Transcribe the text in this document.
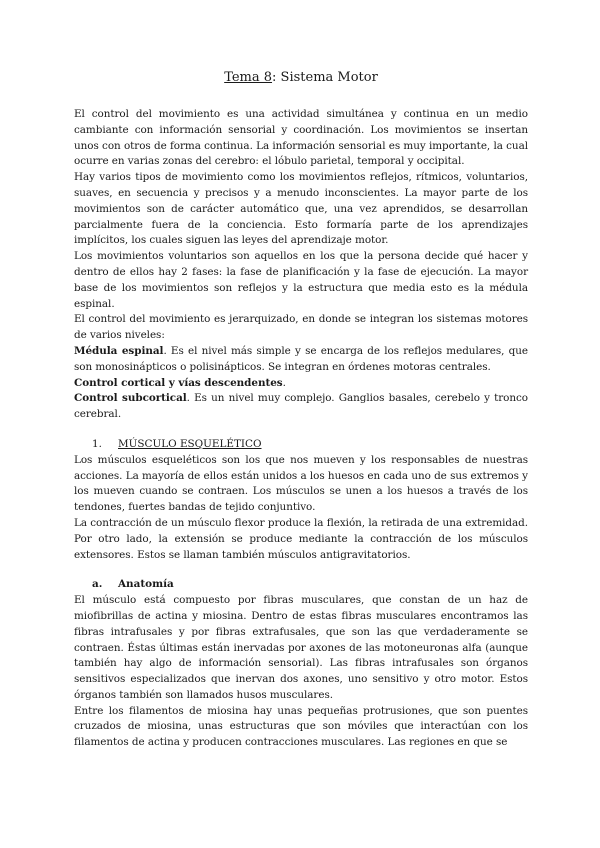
Tema 8: Sistema Motor

El control del movimiento es una actividad simultánea y continua en un medio cambiante con información sensorial y coordinación. Los movimientos se insertan unos con otros de forma continua. La información sensorial es muy importante, la cual ocurre en varias zonas del cerebro: el lóbulo parietal, temporal y occipital.

Hay varios tipos de movimiento como los movimientos reflejos, rítmicos, voluntarios, suaves, en secuencia y precisos y a menudo inconscientes. La mayor parte de los movimientos son de carácter automático que, una vez aprendidos, se desarrollan parcialmente fuera de la conciencia. Esto formaría parte de los aprendizajes implícitos, los cuales siguen las leyes del aprendizaje motor.

Los movimientos voluntarios son aquellos en los que la persona decide qué hacer y dentro de ellos hay 2 fases: la fase de planificación y la fase de ejecución. La mayor base de los movimientos son reflejos y la estructura que media esto es la médula espinal.

El control del movimiento es jerarquizado, en donde se integran los sistemas motores de varios niveles:

Médula espinal. Es el nivel más simple y se encarga de los reflejos medulares, que son monosinápticos o polisinápticos. Se integran en órdenes motoras centrales.

Control cortical y vías descendentes.

Control subcortical. Es un nivel muy complejo. Ganglios basales, cerebelo y tronco cerebral.

1. MÚSCULO ESQUELÉTICO

Los músculos esqueléticos son los que nos mueven y los responsables de nuestras acciones. La mayoría de ellos están unidos a los huesos en cada uno de sus extremos y los mueven cuando se contraen. Los músculos se unen a los huesos a través de los tendones, fuertes bandas de tejido conjuntivo.

La contracción de un músculo flexor produce la flexión, la retirada de una extremidad. Por otro lado, la extensión se produce mediante la contracción de los músculos extensores. Estos se llaman también músculos antigravitatorios.

a. Anatomía

El músculo está compuesto por fibras musculares, que constan de un haz de miofibrillas de actina y miosina. Dentro de estas fibras musculares encontramos las fibras intrafusales y por fibras extrafusales, que son las que verdaderamente se contraen. Éstas últimas están inervadas por axones de las motoneuronas alfa (aunque también hay algo de información sensorial). Las fibras intrafusales son órganos sensitivos especializados que inervan dos axones, uno sensitivo y otro motor. Estos órganos también son llamados husos musculares.

Entre los filamentos de miosina hay unas pequeñas protrusiones, que son puentes cruzados de miosina, unas estructuras que son móviles que interactúan con los filamentos de actina y producen contracciones musculares. Las regiones en que se
